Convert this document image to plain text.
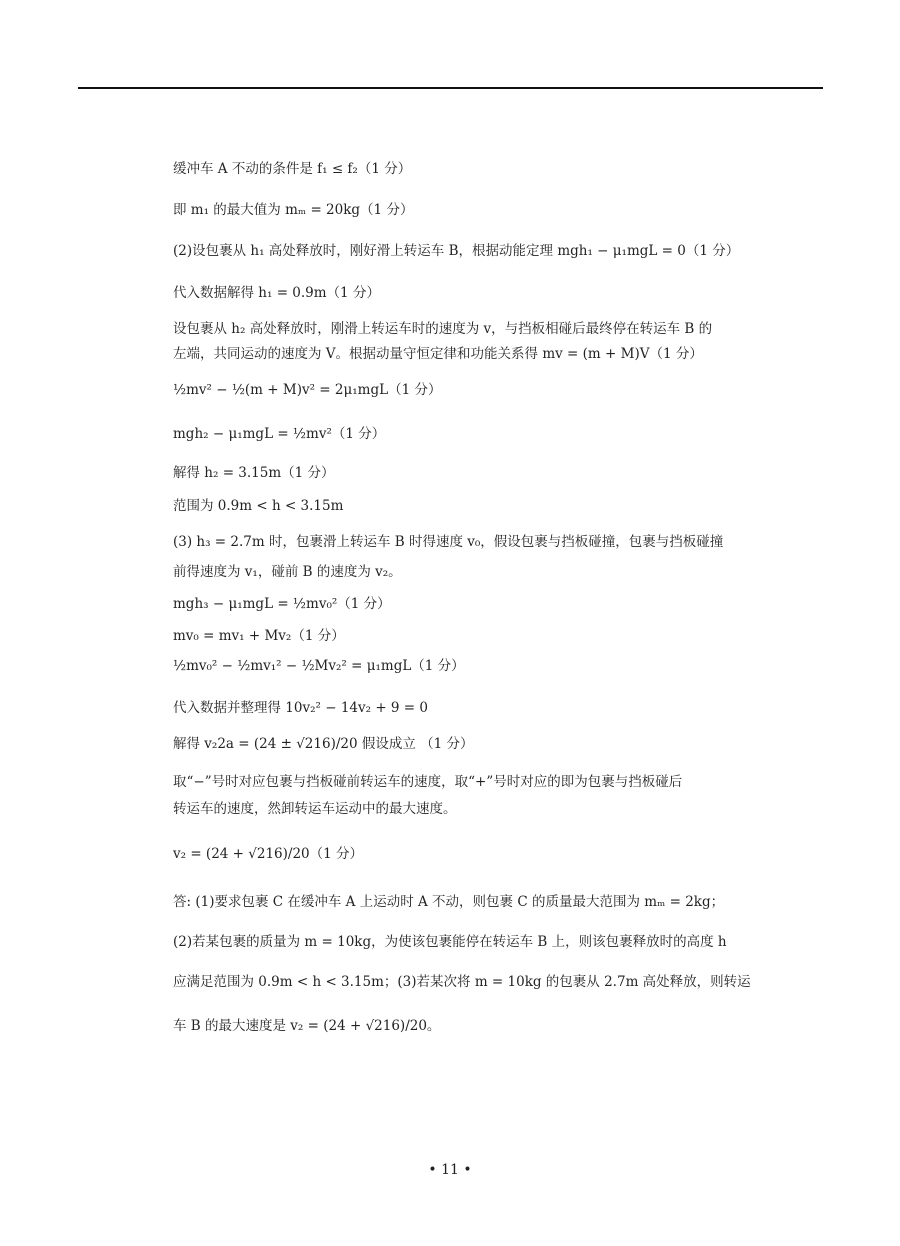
缓冲车 A 不动的条件是 f₁ ≤ f₂（1 分）
即 m₁ 的最大值为 mₘ = 20kg（1 分）
(2)设包裹从 h₁ 高处释放时，刚好滑上转运车 B，根据动能定理 mgh₁ − μ₁mgL = 0（1 分）
代入数据解得 h₁ = 0.9m（1 分）
设包裹从 h₂ 高处释放时，刚滑上转运车时的速度为 v，与挡板相碰后最终停在转运车 B 的
左端，共同运动的速度为 V。根据动量守恒定律和功能关系得 mv = (m + M)V（1 分）
½mv² − ½(m + M)v² = 2μ₁mgL（1 分）
mgh₂ − μ₁mgL = ½mv²（1 分）
解得 h₂ = 3.15m（1 分）
范围为 0.9m < h < 3.15m
(3) h₃ = 2.7m 时，包裹滑上转运车 B 时得速度 v₀，假设包裹与挡板碰撞，包裹与挡板碰撞
前得速度为 v₁，碰前 B 的速度为 v₂。
mgh₃ − μ₁mgL = ½mv₀²（1 分）
mv₀ = mv₁ + Mv₂（1 分）
½mv₀² − ½mv₁² − ½Mv₂² = μ₁mgL（1 分）
代入数据并整理得 10v₂² − 14v₂ + 9 = 0
解得 v₂2a = (24 ± √216)/20 假设成立 （1 分）
取“−”号时对应包裹与挡板碰前转运车的速度，取“+”号时对应的即为包裹与挡板碰后
转运车的速度，然卸转运车运动中的最大速度。
v₂ = (24 + √216)/20（1 分）
答: (1)要求包裹 C 在缓冲车 A 上运动时 A 不动，则包裹 C 的质量最大范围为 mₘ = 2kg；
(2)若某包裹的质量为 m = 10kg，为使该包裹能停在转运车 B 上，则该包裹释放时的高度 h
应满足范围为 0.9m < h < 3.15m；(3)若某次将 m = 10kg 的包裹从 2.7m 高处释放，则转运
车 B 的最大速度是 v₂ = (24 + √216)/20。
• 11 •
